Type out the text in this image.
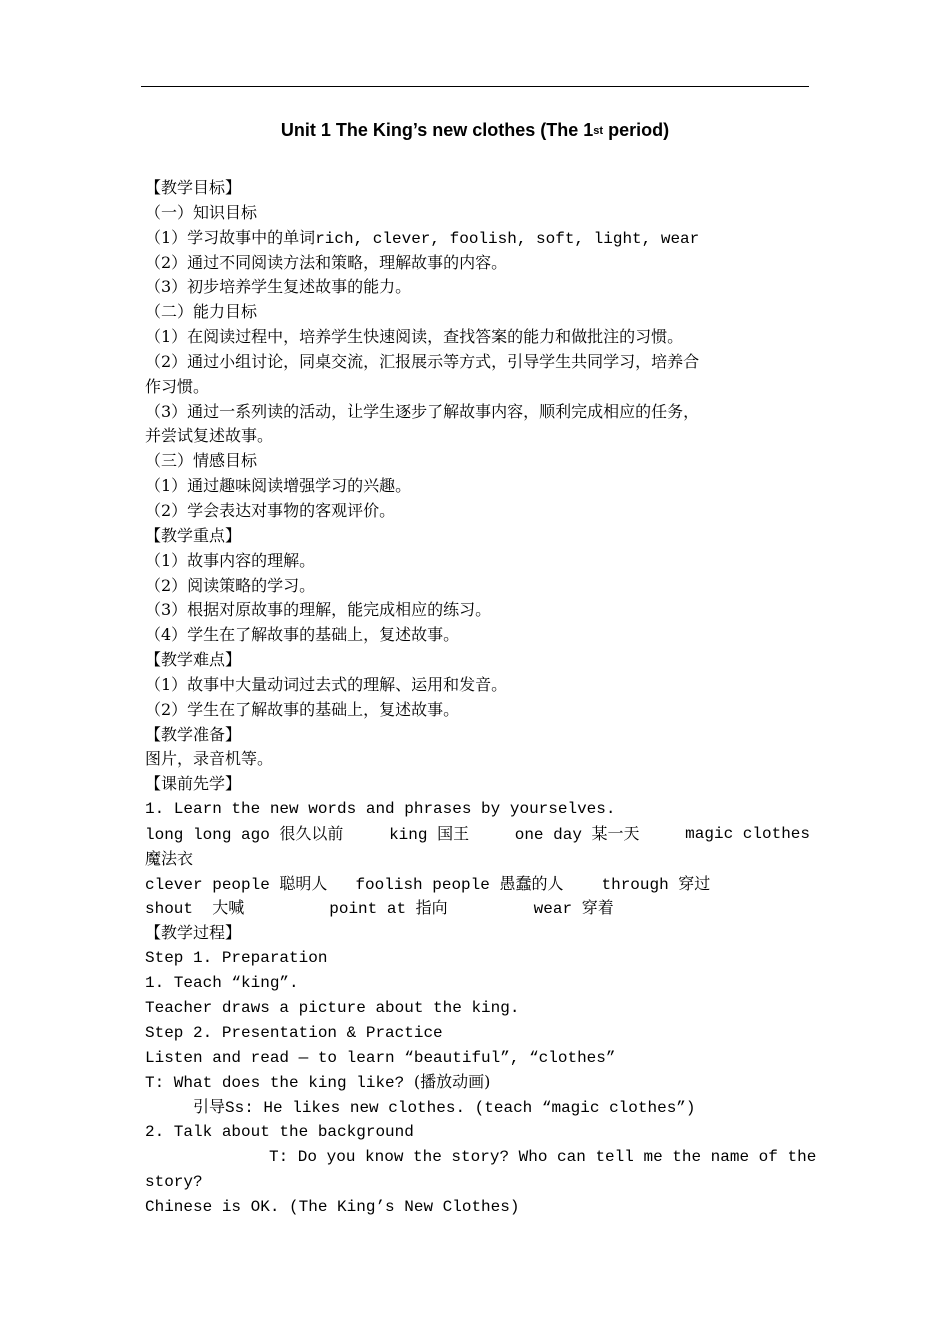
Unit 1 The King’s new clothes (The 1st period)
【教学目标】
（一）知识目标
（1）学习故事中的单词rich, clever, foolish, soft, light, wear
（2）通过不同阅读方法和策略，理解故事的内容。
（3）初步培养学生复述故事的能力。
（二）能力目标
（1）在阅读过程中，培养学生快速阅读，查找答案的能力和做批注的习惯。
（2）通过小组讨论，同桌交流，汇报展示等方式，引导学生共同学习，培养合
作习惯。
（3）通过一系列读的活动，让学生逐步了解故事内容，顺利完成相应的任务，
并尝试复述故事。
（三）情感目标
（1）通过趣味阅读增强学习的兴趣。
（2）学会表达对事物的客观评价。
【教学重点】
（1）故事内容的理解。
（2）阅读策略的学习。
（3）根据对原故事的理解，能完成相应的练习。
（4）学生在了解故事的基础上，复述故事。
【教学难点】
（1）故事中大量动词过去式的理解、运用和发音。
（2）学生在了解故事的基础上，复述故事。
【教学准备】
图片，录音机等。
【课前先学】
1. Learn the new words and phrases by yourselves.
long long ago 很久以前	king 国王	one day 某一天	magic clothes
魔法衣
clever people 聪明人 foolish people 愚蠢的人 through 穿过
shout  大喊	point at 指向	wear 穿着
【教学过程】
Step 1. Preparation
1. Teach “king”.
Teacher draws a picture about the king.
Step 2. Presentation & Practice
Listen and read — to learn “beautiful”, “clothes”
T: What does the king like? (播放动画)
引导Ss: He likes new clothes. (teach “magic clothes”)
2. Talk about the background
T: Do you know the story? Who can tell me the name of the
story?
Chinese is OK. (The King’s New Clothes)
